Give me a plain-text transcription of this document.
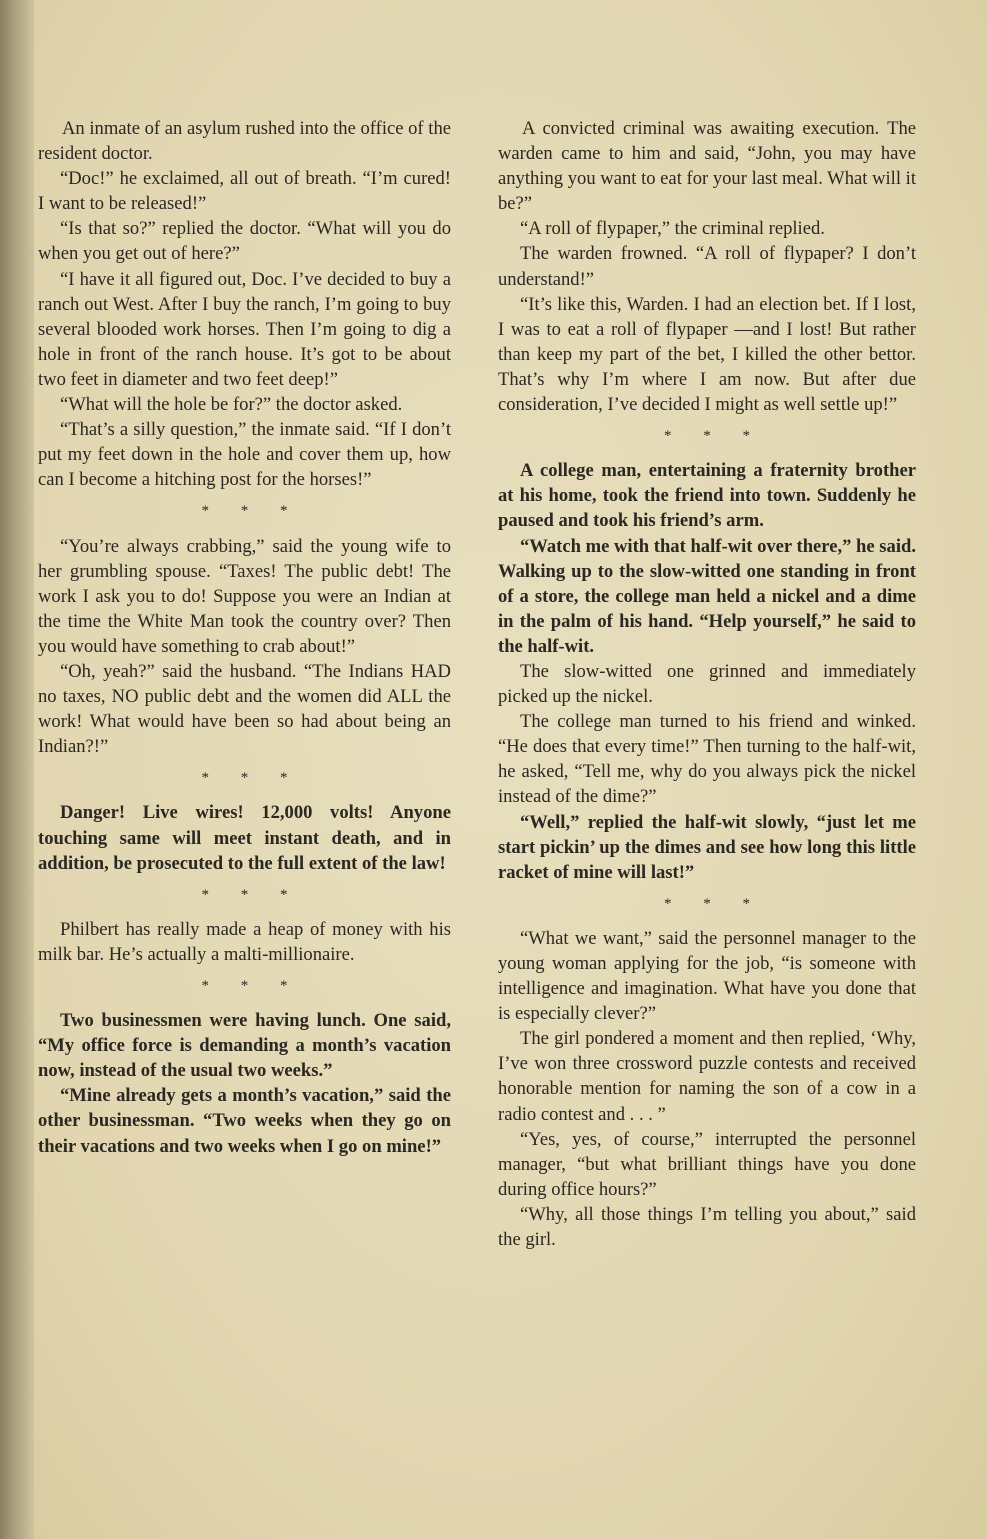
An inmate of an asylum rushed into the office of the resident doctor.

“Doc!” he exclaimed, all out of breath. “I’m cured! I want to be released!”

“Is that so?” replied the doctor. “What will you do when you get out of here?”

“I have it all figured out, Doc. I’ve decided to buy a ranch out West. After I buy the ranch, I’m going to buy several blooded work horses. Then I’m going to dig a hole in front of the ranch house. It’s got to be about two feet in diameter and two feet deep!”

“What will the hole be for?” the doctor asked.

“That’s a silly question,” the inmate said. “If I don’t put my feet down in the hole and cover them up, how can I become a hitching post for the horses!”

* * *

“You’re always crabbing,” said the young wife to her grumbling spouse. “Taxes! The public debt! The work I ask you to do! Suppose you were an Indian at the time the White Man took the country over? Then you would have something to crab about!”

“Oh, yeah?” said the husband. “The Indians HAD no taxes, NO public debt and the women did ALL the work! What would have been so had about being an Indian?!”

* * *

Danger! Live wires! 12,000 volts! Anyone touching same will meet instant death, and in addition, be prosecuted to the full extent of the law!

* * *

Philbert has really made a heap of money with his milk bar. He’s actually a malti-millionaire.

* * *

Two businessmen were having lunch. One said, “My office force is demanding a month’s vacation now, instead of the usual two weeks.”

“Mine already gets a month’s vacation,” said the other businessman. “Two weeks when they go on their vacations and two weeks when I go on mine!”

A convicted criminal was awaiting execution. The warden came to him and said, “John, you may have anything you want to eat for your last meal. What will it be?”

“A roll of flypaper,” the criminal replied.

The warden frowned. “A roll of flypaper? I don’t understand!”

“It’s like this, Warden. I had an election bet. If I lost, I was to eat a roll of flypaper —and I lost! But rather than keep my part of the bet, I killed the other bettor. That’s why I’m where I am now. But after due consideration, I’ve decided I might as well settle up!”

* * *

A college man, entertaining a fraternity brother at his home, took the friend into town. Suddenly he paused and took his friend’s arm.

“Watch me with that half-wit over there,” he said. Walking up to the slow-witted one standing in front of a store, the college man held a nickel and a dime in the palm of his hand. “Help yourself,” he said to the half-wit.

The slow-witted one grinned and immediately picked up the nickel.

The college man turned to his friend and winked. “He does that every time!” Then turning to the half-wit, he asked, “Tell me, why do you always pick the nickel instead of the dime?”

“Well,” replied the half-wit slowly, “just let me start pickin’ up the dimes and see how long this little racket of mine will last!”

* * *

“What we want,” said the personnel manager to the young woman applying for the job, “is someone with intelligence and imagination. What have you done that is especially clever?”

The girl pondered a moment and then replied, ‘Why, I’ve won three crossword puzzle contests and received honorable mention for naming the son of a cow in a radio contest and . . . ”

“Yes, yes, of course,” interrupted the personnel manager, “but what brilliant things have you done during office hours?”

“Why, all those things I’m telling you about,” said the girl.
